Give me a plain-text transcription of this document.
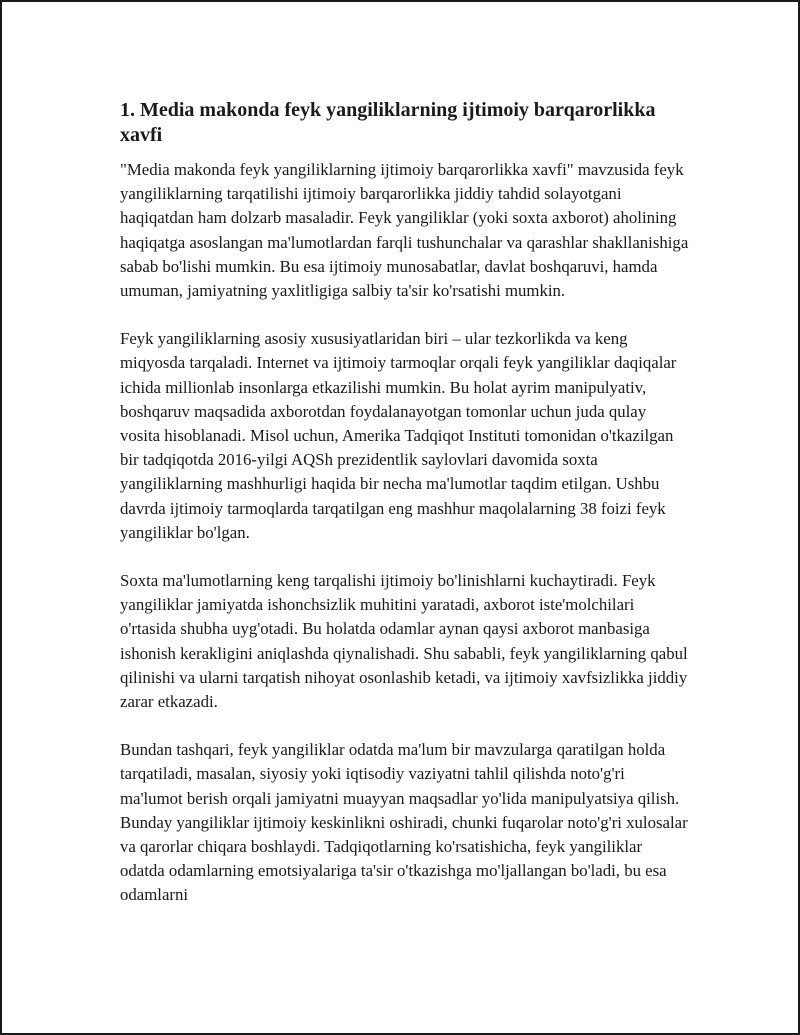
1. Media makonda feyk yangiliklarning ijtimoiy barqarorlikka xavfi

"Media makonda feyk yangiliklarning ijtimoiy barqarorlikka xavfi" mavzusida feyk yangiliklarning tarqatilishi ijtimoiy barqarorlikka jiddiy tahdid solayotgani haqiqatdan ham dolzarb masaladir. Feyk yangiliklar (yoki soxta axborot) aholining haqiqatga asoslangan ma'lumotlardan farqli tushunchalar va qarashlar shakllanishiga sabab bo'lishi mumkin. Bu esa ijtimoiy munosabatlar, davlat boshqaruvi, hamda umuman, jamiyatning yaxlitligiga salbiy ta'sir ko'rsatishi mumkin.

Feyk yangiliklarning asosiy xususiyatlaridan biri – ular tezkorlikda va keng miqyosda tarqaladi. Internet va ijtimoiy tarmoqlar orqali feyk yangiliklar daqiqalar ichida millionlab insonlarga etkazilishi mumkin. Bu holat ayrim manipulyativ, boshqaruv maqsadida axborotdan foydalanayotgan tomonlar uchun juda qulay vosita hisoblanadi. Misol uchun, Amerika Tadqiqot Instituti tomonidan o'tkazilgan bir tadqiqotda 2016-yilgi AQSh prezidentlik saylovlari davomida soxta yangiliklarning mashhurligi haqida bir necha ma'lumotlar taqdim etilgan. Ushbu davrda ijtimoiy tarmoqlarda tarqatilgan eng mashhur maqolalarning 38 foizi feyk yangiliklar bo'lgan.

Soxta ma'lumotlarning keng tarqalishi ijtimoiy bo'linishlarni kuchaytiradi. Feyk yangiliklar jamiyatda ishonchsizlik muhitini yaratadi, axborot iste'molchilari o'rtasida shubha uyg'otadi. Bu holatda odamlar aynan qaysi axborot manbasiga ishonish kerakligini aniqlashda qiynalishadi. Shu sababli, feyk yangiliklarning qabul qilinishi va ularni tarqatish nihoyat osonlashib ketadi, va ijtimoiy xavfsizlikka jiddiy zarar etkazadi.

Bundan tashqari, feyk yangiliklar odatda ma'lum bir mavzularga qaratilgan holda tarqatiladi, masalan, siyosiy yoki iqtisodiy vaziyatni tahlil qilishda noto'g'ri ma'lumot berish orqali jamiyatni muayyan maqsadlar yo'lida manipulyatsiya qilish. Bunday yangiliklar ijtimoiy keskinlikni oshiradi, chunki fuqarolar noto'g'ri xulosalar va qarorlar chiqara boshlaydi. Tadqiqotlarning ko'rsatishicha, feyk yangiliklar odatda odamlarning emotsiyalariga ta'sir o'tkazishga mo'ljallangan bo'ladi, bu esa odamlarni
